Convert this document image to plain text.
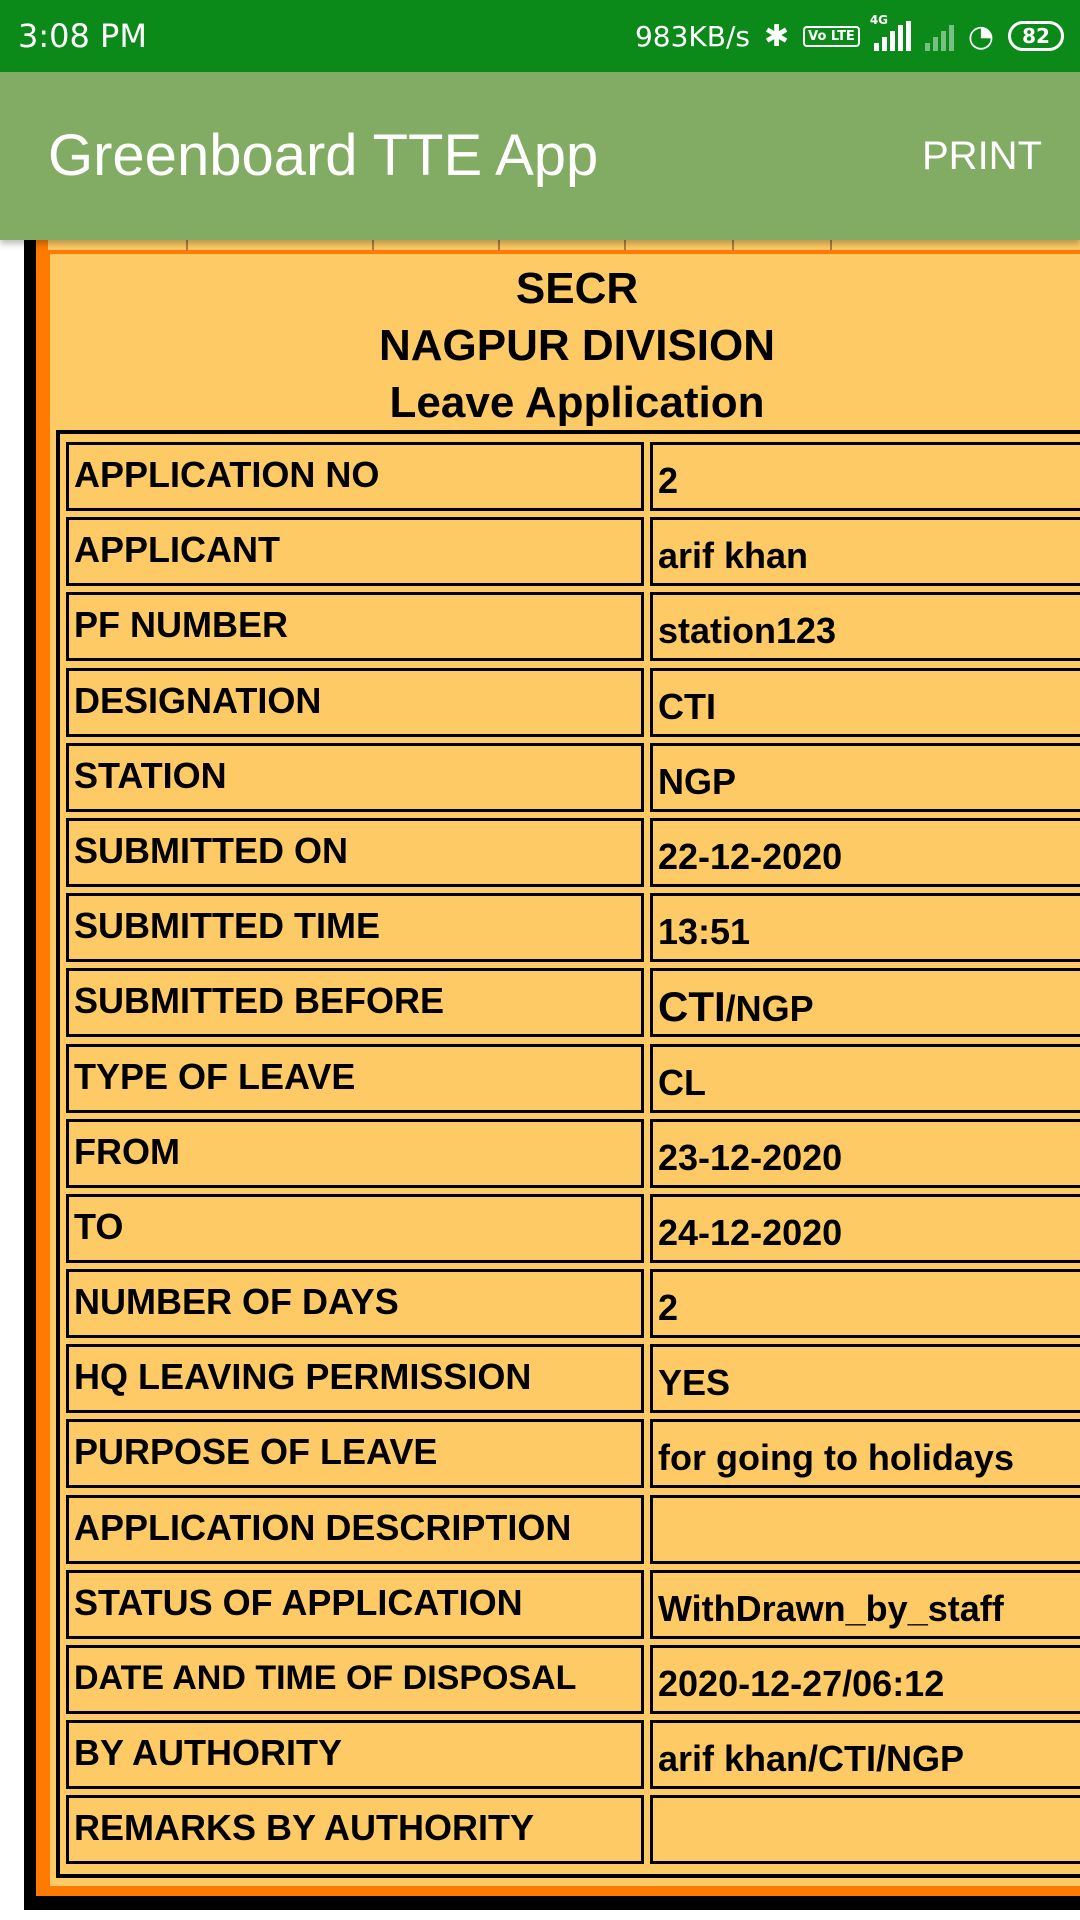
3:08 PM	983KB/s ✱	Vo LTE
4G	◔	82
Greenboard TTE App	PRINT
SECR
NAGPUR DIVISION
Leave Application
APPLICATION NO	2
APPLICANT	arif khan
PF NUMBER	station123
DESIGNATION	CTI
STATION	NGP
SUBMITTED ON	22-12-2020
SUBMITTED TIME	13:51
SUBMITTED BEFORE	CTI/NGP
TYPE OF LEAVE	CL
FROM	23-12-2020
TO	24-12-2020
NUMBER OF DAYS	2
HQ LEAVING PERMISSION	YES
PURPOSE OF LEAVE	for going to holidays
APPLICATION DESCRIPTION
STATUS OF APPLICATION	WithDrawn_by_staff
DATE AND TIME OF DISPOSAL	2020-12-27/06:12
BY AUTHORITY	arif khan/CTI/NGP
REMARKS BY AUTHORITY
